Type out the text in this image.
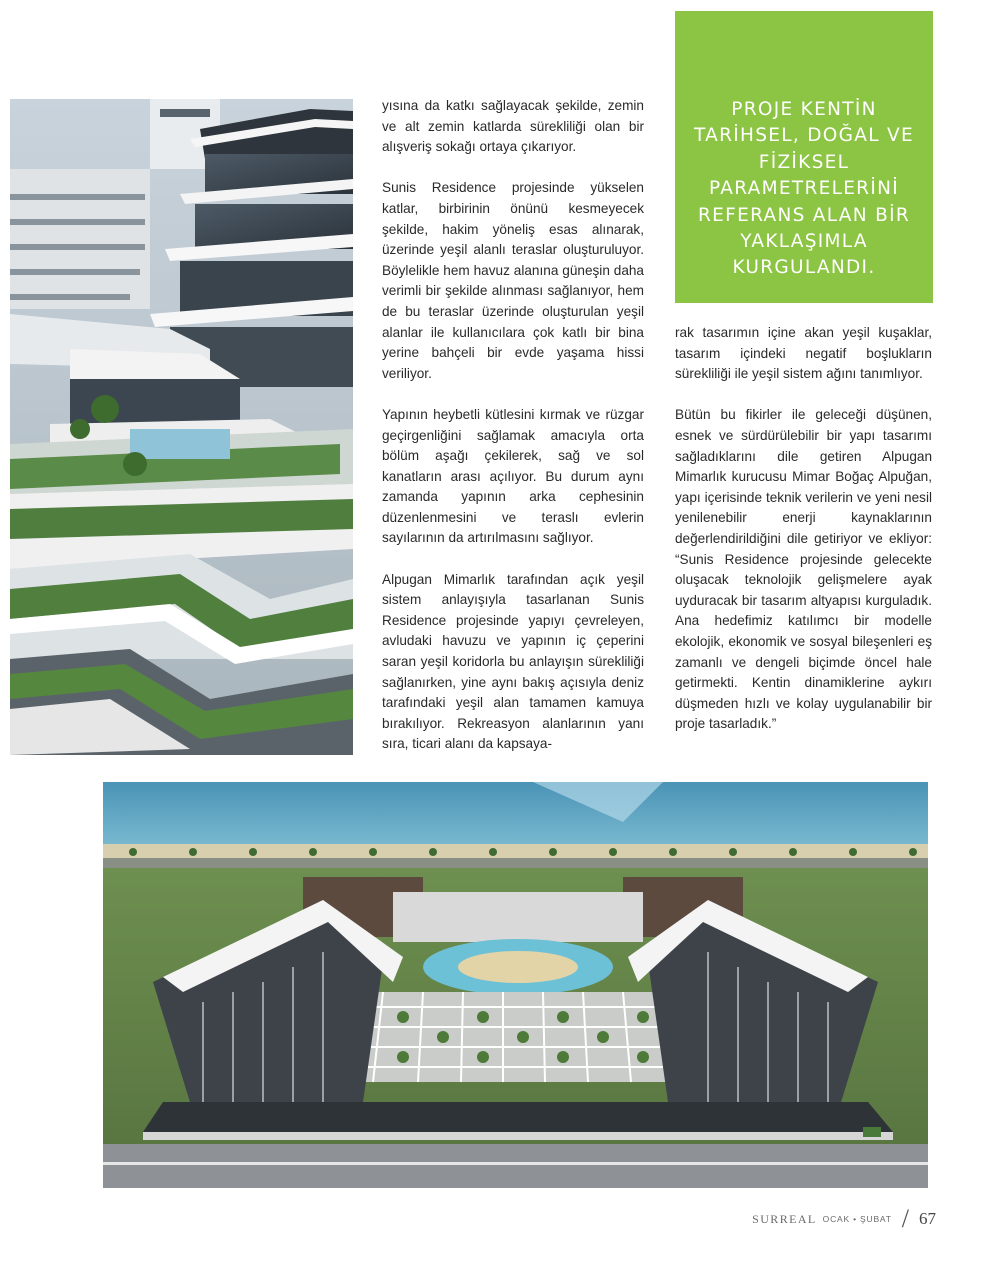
yısına da katkı sağlayacak şekilde, zemin ve alt zemin katlarda sürekliliği olan bir alışveriş sokağı ortaya çıkarıyor.

Sunis Residence projesinde yükselen katlar, birbirinin önünü kesmeyecek şekilde, hakim yöneliş esas alınarak, üzerinde yeşil alanlı teraslar oluşturuluyor. Böylelikle hem havuz alanına güneşin daha verimli bir şekilde alınması sağlanıyor, hem de bu teraslar üzerinde oluşturulan yeşil alanlar ile kullanıcılara çok katlı bir bina yerine bahçeli bir evde yaşama hissi veriliyor.

Yapının heybetli kütlesini kırmak ve rüzgar geçirgenliğini sağlamak amacıyla orta bölüm aşağı çekilerek, sağ ve sol kanatların arası açılıyor. Bu durum aynı zamanda yapının arka cephesinin düzenlenmesini ve teraslı evlerin sayılarının da artırılmasını sağlıyor.

Alpugan Mimarlık tarafından açık yeşil sistem anlayışıyla tasarlanan Sunis Residence projesinde yapıyı çevreleyen, avludaki havuzu ve yapının iç çeperini saran yeşil koridorla bu anlayışın sürekliliği sağlanırken, yine aynı bakış açısıyla deniz tarafındaki yeşil alan tamamen kamuya bırakılıyor. Rekreasyon alanlarının yanı sıra, ticari alanı da kapsaya-

PROJE KENTİN TARİHSEL, DOĞAL VE FİZİKSEL PARAMETRELERİNİ REFERANS ALAN BİR YAKLAŞIMLA KURGULANDI.

rak tasarımın içine akan yeşil kuşaklar, tasarım içindeki negatif boşlukların sürekliliği ile yeşil sistem ağını tanımlıyor.

Bütün bu fikirler ile geleceği düşünen, esnek ve sürdürülebilir bir yapı tasarımı sağladıklarını dile getiren Alpugan Mimarlık kurucusu Mimar Boğaç Alpuğan, yapı içerisinde teknik verilerin ve yeni nesil yenilenebilir enerji kaynaklarının değerlendirildiğini dile getiriyor ve ekliyor: “Sunis Residence projesinde gelecekte oluşacak teknolojik gelişmelere ayak uyduracak bir tasarım altyapısı kurguladık. Ana hedefimiz katılımcı bir modelle ekolojik, ekonomik ve sosyal bileşenleri eş zamanlı ve dengeli biçimde öncel hale getirmekti. Kentin dinamiklerine aykırı düşmeden hızlı ve kolay uygulanabilir bir proje tasarladık.”

SURREAL OCAK • ŞUBAT / 67
